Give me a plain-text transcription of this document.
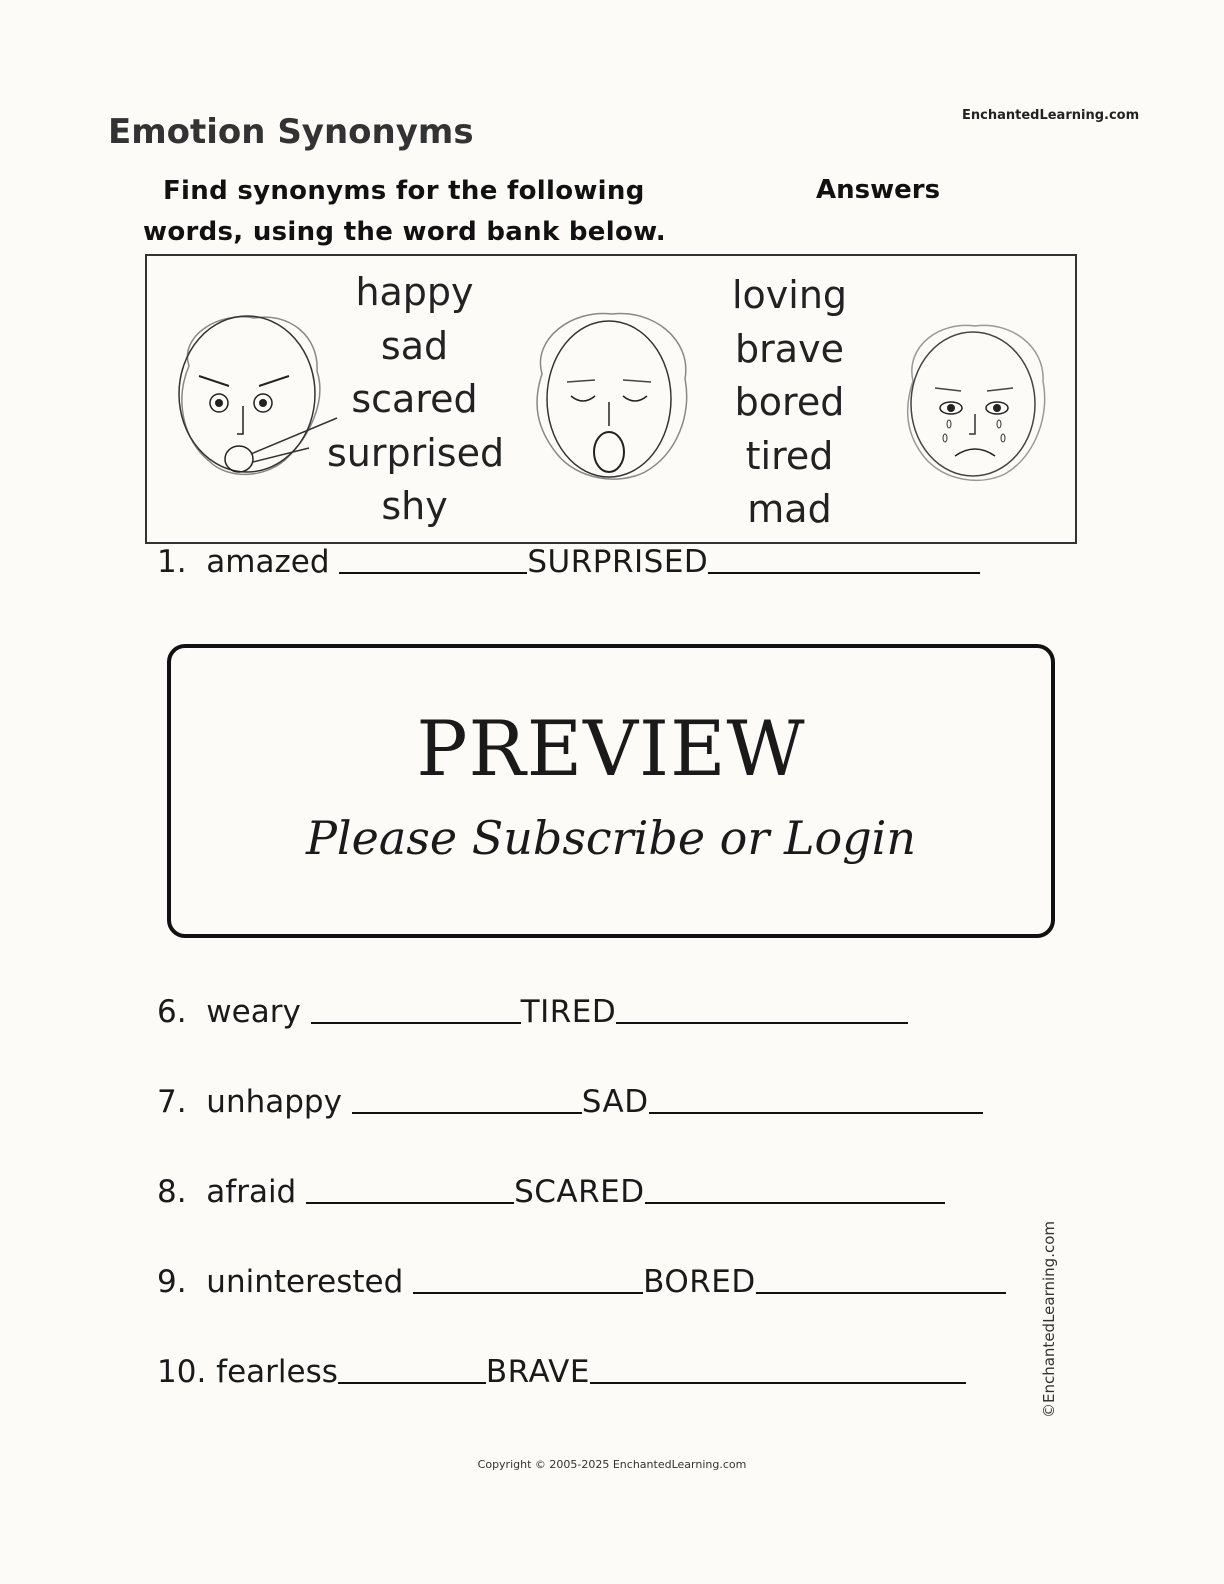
Emotion Synonyms	EnchantedLearning.com
Find synonyms for the following
words, using the word bank below.
Answers
happy
sad
scared
surprised
shy
loving
brave
bored
tired
mad
1. amazed	SURPRISED

6. weary	TIRED
7. unhappy	SAD
8. afraid	SCARED
9. uninterested	BORED
10. fearless	BRAVE
PREVIEW
Please Subscribe or Login
©EnchantedLearning.com
Copyright © 2005-2025 EnchantedLearning.com
